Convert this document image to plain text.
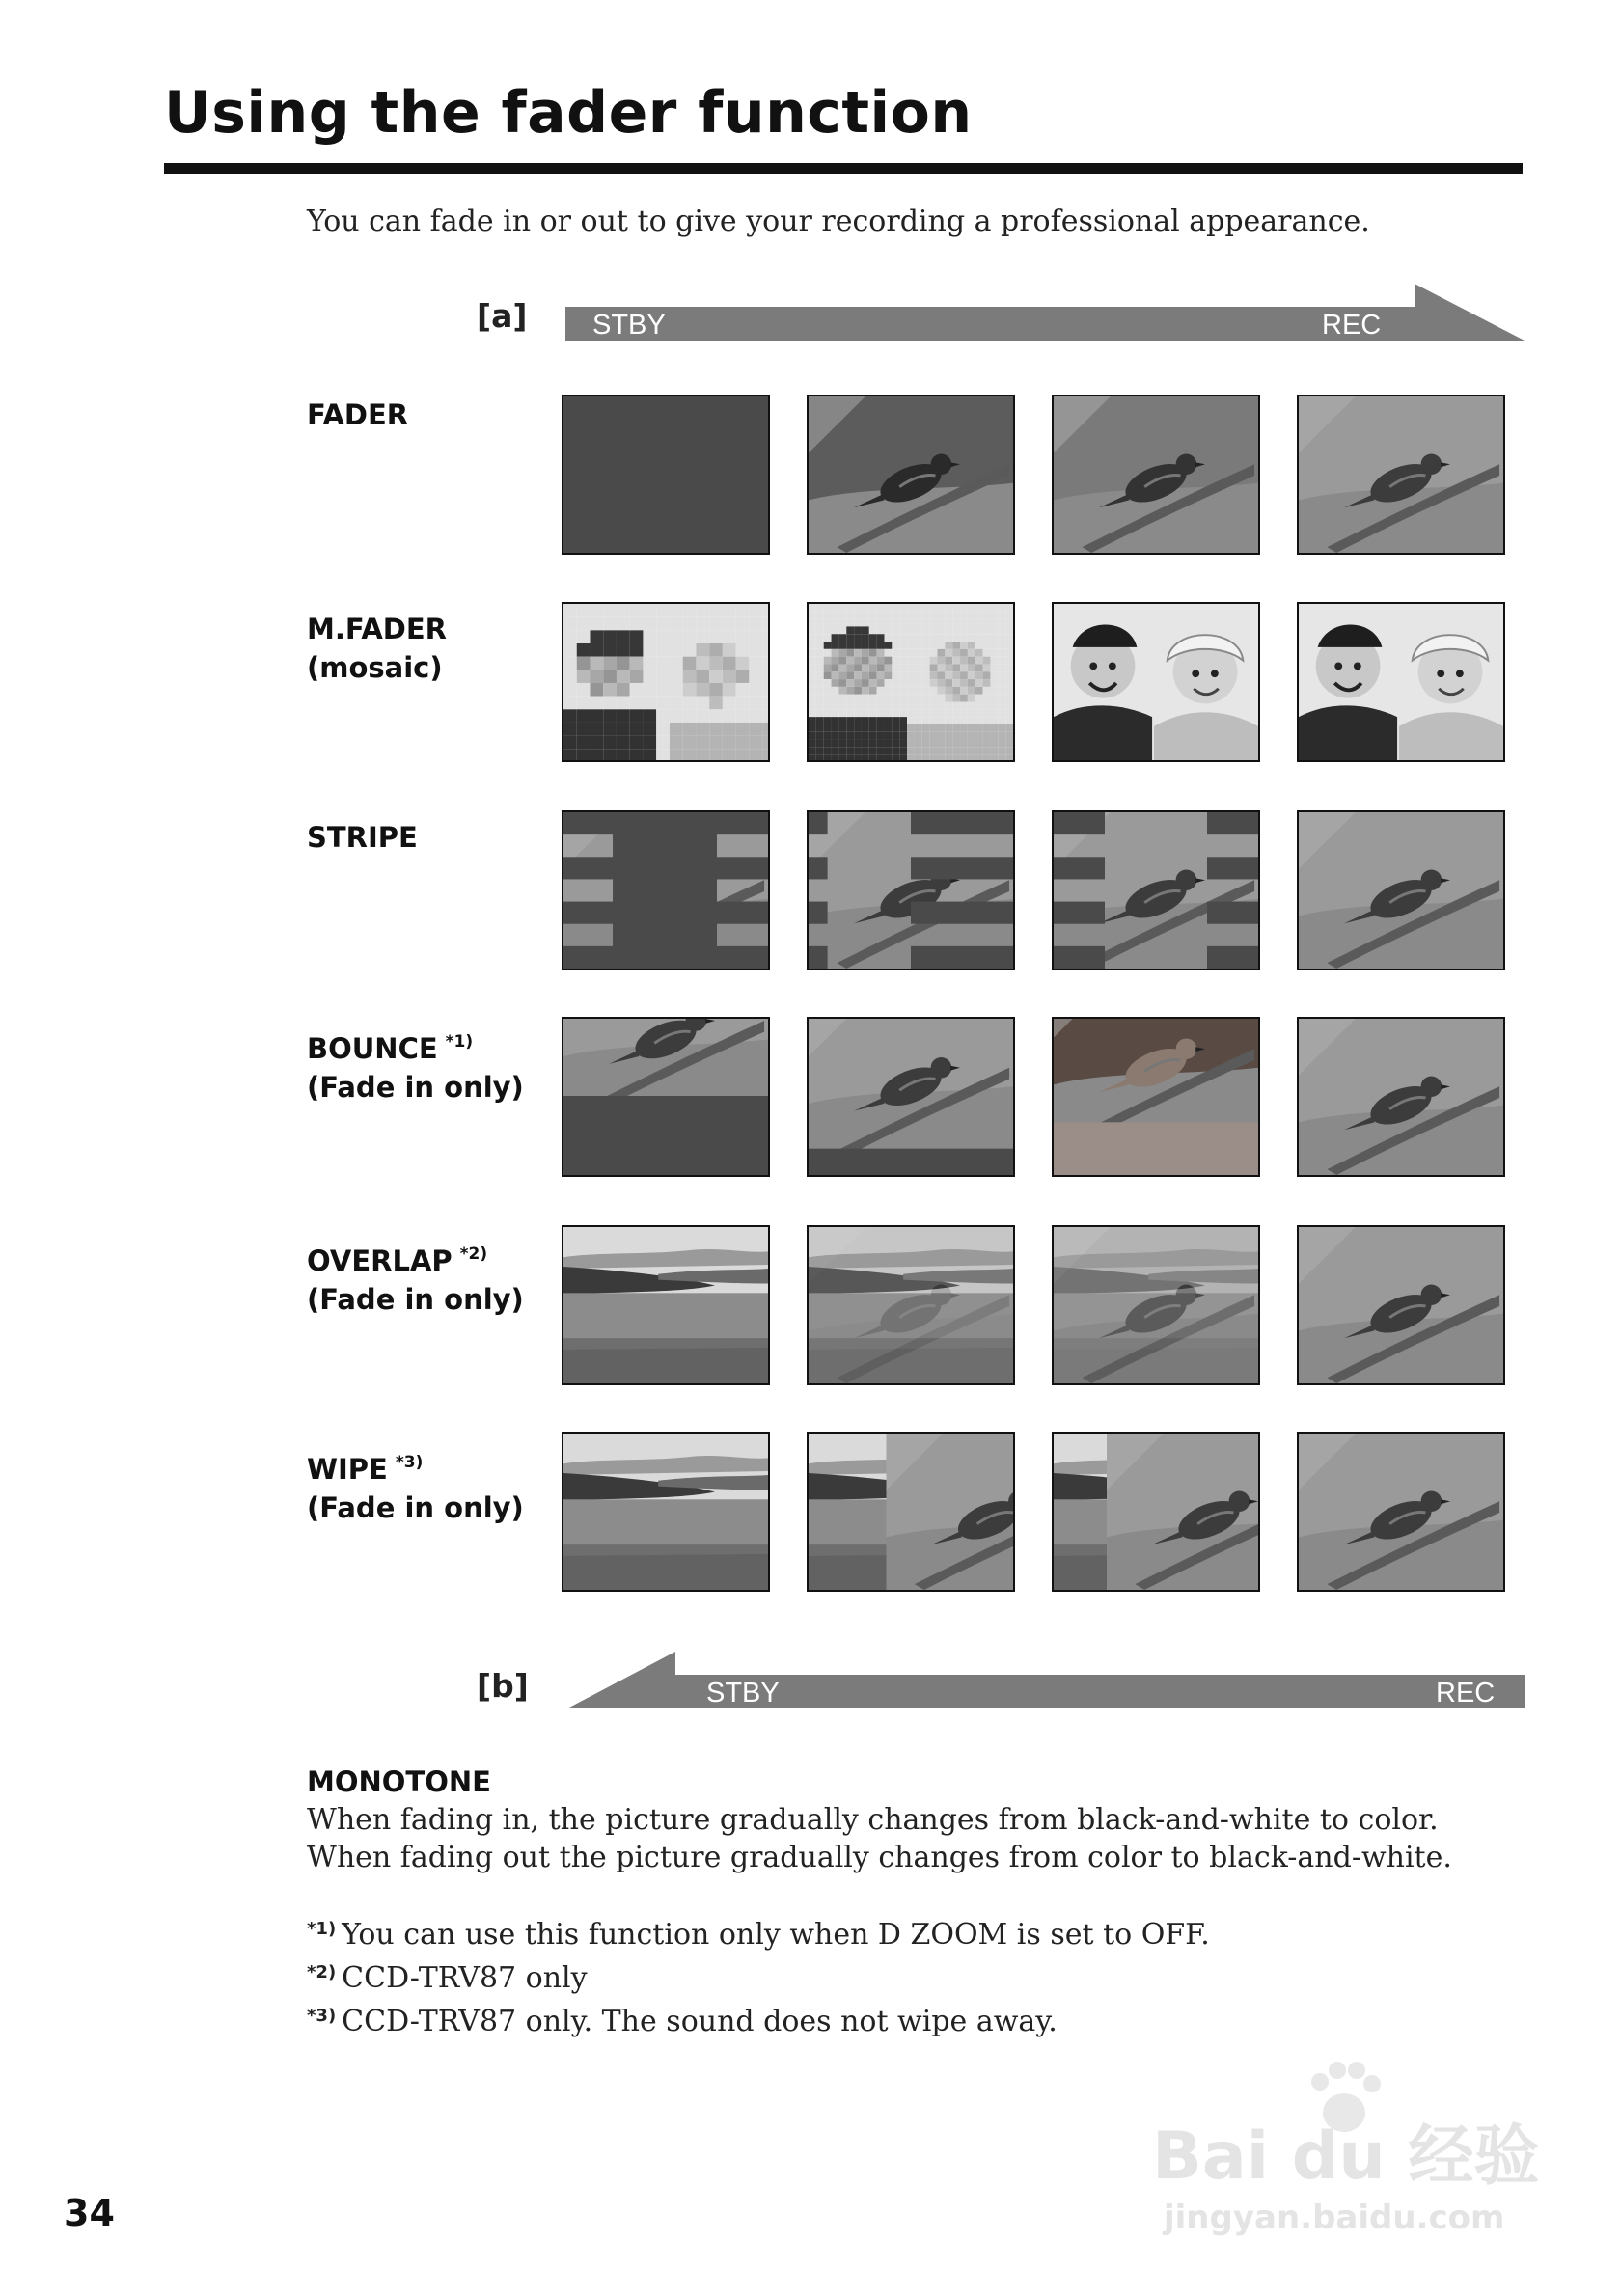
Using the fader function

You can fade in or out to give your recording a professional appearance.

[a] STBY	REC
[b]	STBY	REC

FADER

M.FADER
(mosaic)

STRIPE

BOUNCE $^{*1)}$
(Fade in only)

OVERLAP $^{*2)}$
(Fade in only)

WIPE $^{*3)}$
(Fade in only)

MONOTONE
When fading in, the picture gradually changes from black-and-white to color.
When fading out the picture gradually changes from color to black-and-white.

$^{*1)}$ You can use this function only when D ZOOM is set to OFF.
$^{*2)}$ CCD-TRV87 only
$^{*3)}$ CCD-TRV87 only. The sound does not wipe away.

34

Bai du 经验
jingyan.baidu.com
